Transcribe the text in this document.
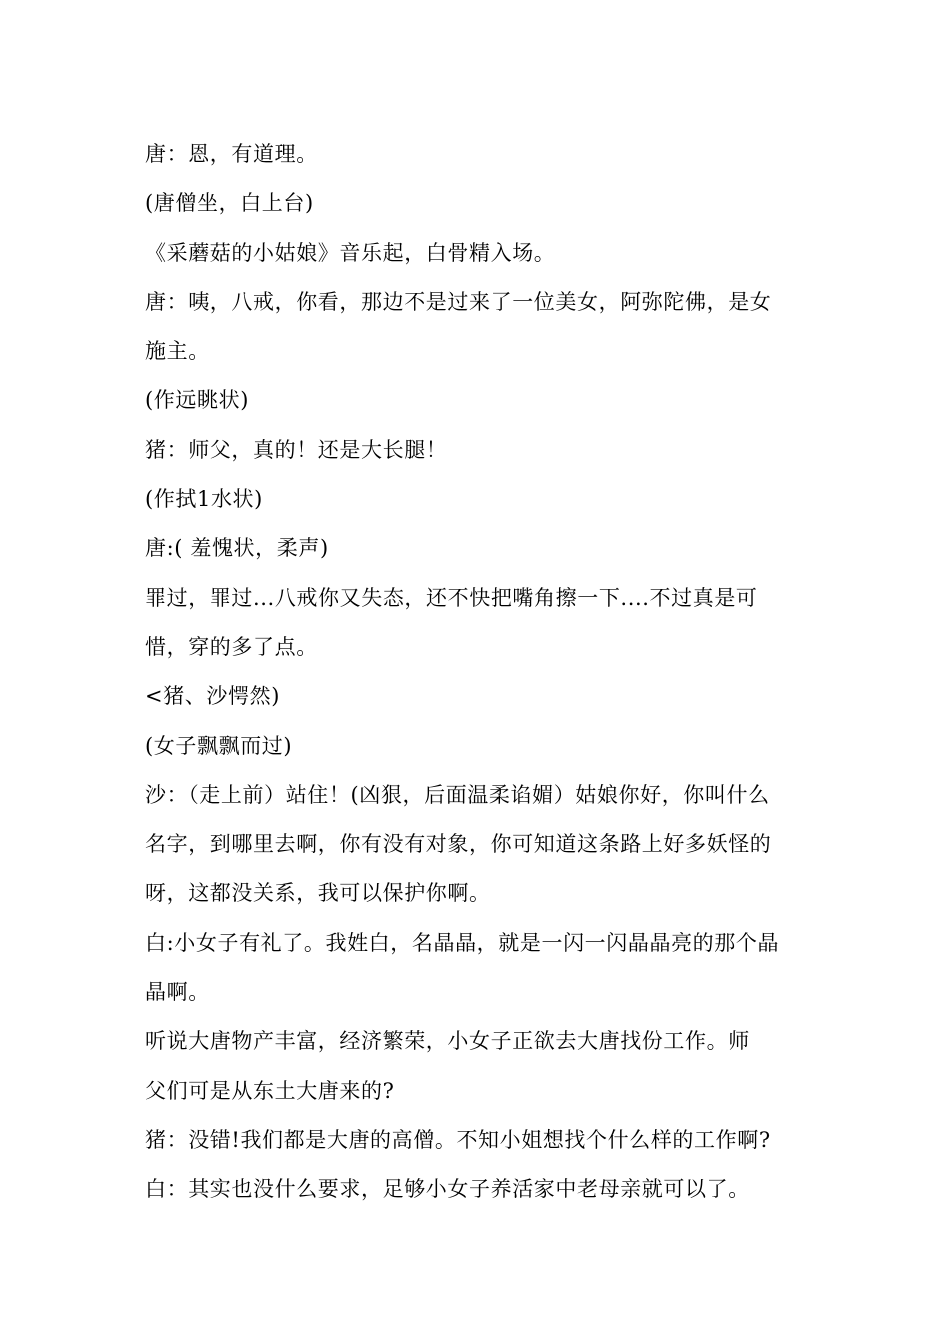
唐：恩，有道理。
(唐僧坐，白上台)
《采蘑菇的小姑娘》音乐起，白骨精入场。
唐：咦，八戒，你看，那边不是过来了一位美女，阿弥陀佛，是女
施主。
(作远眺状)
猪：师父，真的！还是大长腿！
(作拭1水状)
唐:( 羞愧状，柔声)
罪过，罪过...八戒你又失态，还不快把嘴角擦一下....不过真是可
惜，穿的多了点。
<猪、沙愕然)
(女子飘飘而过)
沙：（走上前）站住！(凶狠，后面温柔谄媚）姑娘你好，你叫什么
名字，到哪里去啊，你有没有对象，你可知道这条路上好多妖怪的
呀，这都没关系，我可以保护你啊。
白:小女子有礼了。我姓白，名晶晶，就是一闪一闪晶晶亮的那个晶
晶啊。
听说大唐物产丰富，经济繁荣，小女子正欲去大唐找份工作。师
父们可是从东土大唐来的?
猪：没错!我们都是大唐的高僧。不知小姐想找个什么样的工作啊?
白：其实也没什么要求，足够小女子养活家中老母亲就可以了。
